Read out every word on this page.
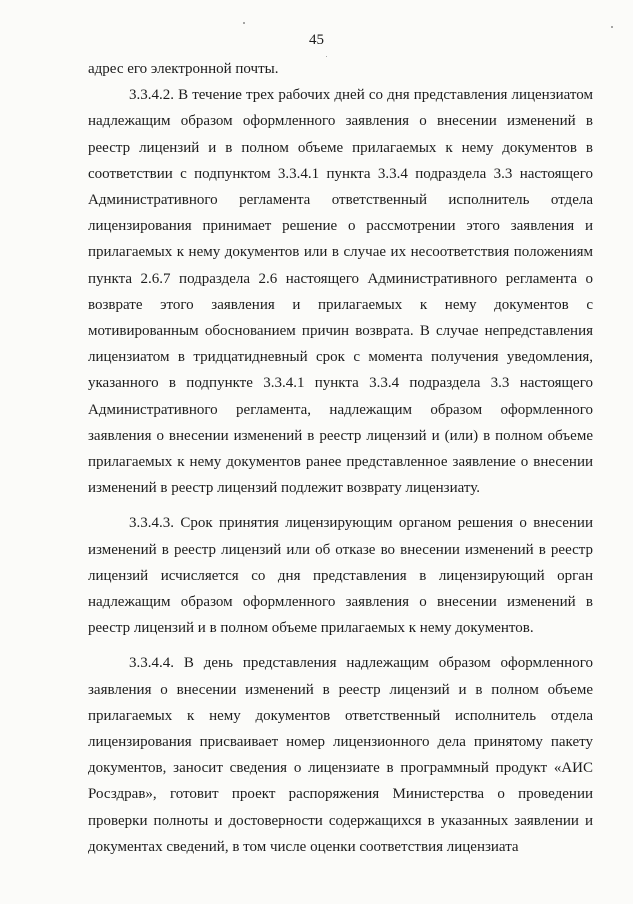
45

адрес его электронной почты.

3.3.4.2. В течение трех рабочих дней со дня представления лицензиатом надлежащим образом оформленного заявления о внесении изменений в реестр лицензий и в полном объеме прилагаемых к нему документов в соответствии с подпунктом 3.3.4.1 пункта 3.3.4 подраздела 3.3 настоящего Административного регламента ответственный исполнитель отдела лицензирования принимает решение о рассмотрении этого заявления и прилагаемых к нему документов или в случае их несоответствия положениям пункта 2.6.7 подраздела 2.6 настоящего Административного регламента о возврате этого заявления и прилагаемых к нему документов с мотивированным обоснованием причин возврата. В случае непредставления лицензиатом в тридцатидневный срок с момента получения уведомления, указанного в подпункте 3.3.4.1 пункта 3.3.4 подраздела 3.3 настоящего Административного регламента, надлежащим образом оформленного заявления о внесении изменений в реестр лицензий и (или) в полном объеме прилагаемых к нему документов ранее представленное заявление о внесении изменений в реестр лицензий подлежит возврату лицензиату.

3.3.4.3. Срок принятия лицензирующим органом решения о внесении изменений в реестр лицензий или об отказе во внесении изменений в реестр лицензий исчисляется со дня представления в лицензирующий орган надлежащим образом оформленного заявления о внесении изменений в реестр лицензий и в полном объеме прилагаемых к нему документов.

3.3.4.4. В день представления надлежащим образом оформленного заявления о внесении изменений в реестр лицензий и в полном объеме прилагаемых к нему документов ответственный исполнитель отдела лицензирования присваивает номер лицензионного дела принятому пакету документов, заносит сведения о лицензиате в программный продукт «АИС Росздрав», готовит проект распоряжения Министерства о проведении проверки полноты и достоверности содержащихся в указанных заявлении и документах сведений, в том числе оценки соответствия лицензиата
